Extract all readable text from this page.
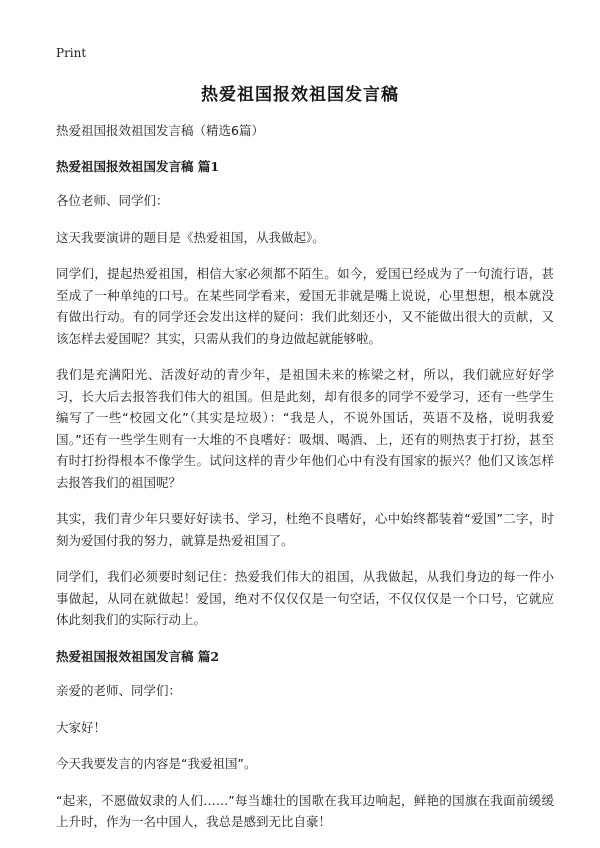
Print
热爱祖国报效祖国发言稿
热爱祖国报效祖国发言稿（精选6篇）
热爱祖国报效祖国发言稿 篇1

各位老师、同学们：

这天我要演讲的题目是《热爱祖国，从我做起》。

同学们，提起热爱祖国，相信大家必须都不陌生。如今，爱国已经成为了一句流行语，甚至成了一种单纯的口号。在某些同学看来，爱国无非就是嘴上说说，心里想想，根本就没有做出行动。有的同学还会发出这样的疑问：我们此刻还小，又不能做出很大的贡献，又该怎样去爱国呢？其实，只需从我们的身边做起就能够啦。

我们是充满阳光、活泼好动的青少年，是祖国未来的栋梁之材，所以，我们就应好好学习，长大后去报答我们伟大的祖国。但是此刻，却有很多的同学不爱学习，还有一些学生编写了一些“校园文化”（其实是垃圾）：“我是人，不说外国话，英语不及格，说明我爱国。”还有一些学生则有一大堆的不良嗜好：吸烟、喝酒、上，还有的则热衷于打扮，甚至有时打扮得根本不像学生。试问这样的青少年他们心中有没有国家的振兴？他们又该怎样去报答我们的祖国呢？

其实，我们青少年只要好好读书、学习，杜绝不良嗜好，心中始终都装着“爱国”二字，时刻为爱国付我的努力，就算是热爱祖国了。

同学们，我们必须要时刻记住：热爱我们伟大的祖国，从我做起，从我们身边的每一件小事做起，从同在就做起！爱国，绝对不仅仅仅是一句空话，不仅仅仅是一个口号，它就应体此刻我们的实际行动上。

热爱祖国报效祖国发言稿 篇2

亲爱的老师、同学们：

大家好！

今天我要发言的内容是“我爱祖国”。

“起来，不愿做奴隶的人们……”每当雄壮的国歌在我耳边响起，鲜艳的国旗在我面前缓缓上升时，作为一名中国人，我总是感到无比自豪！
